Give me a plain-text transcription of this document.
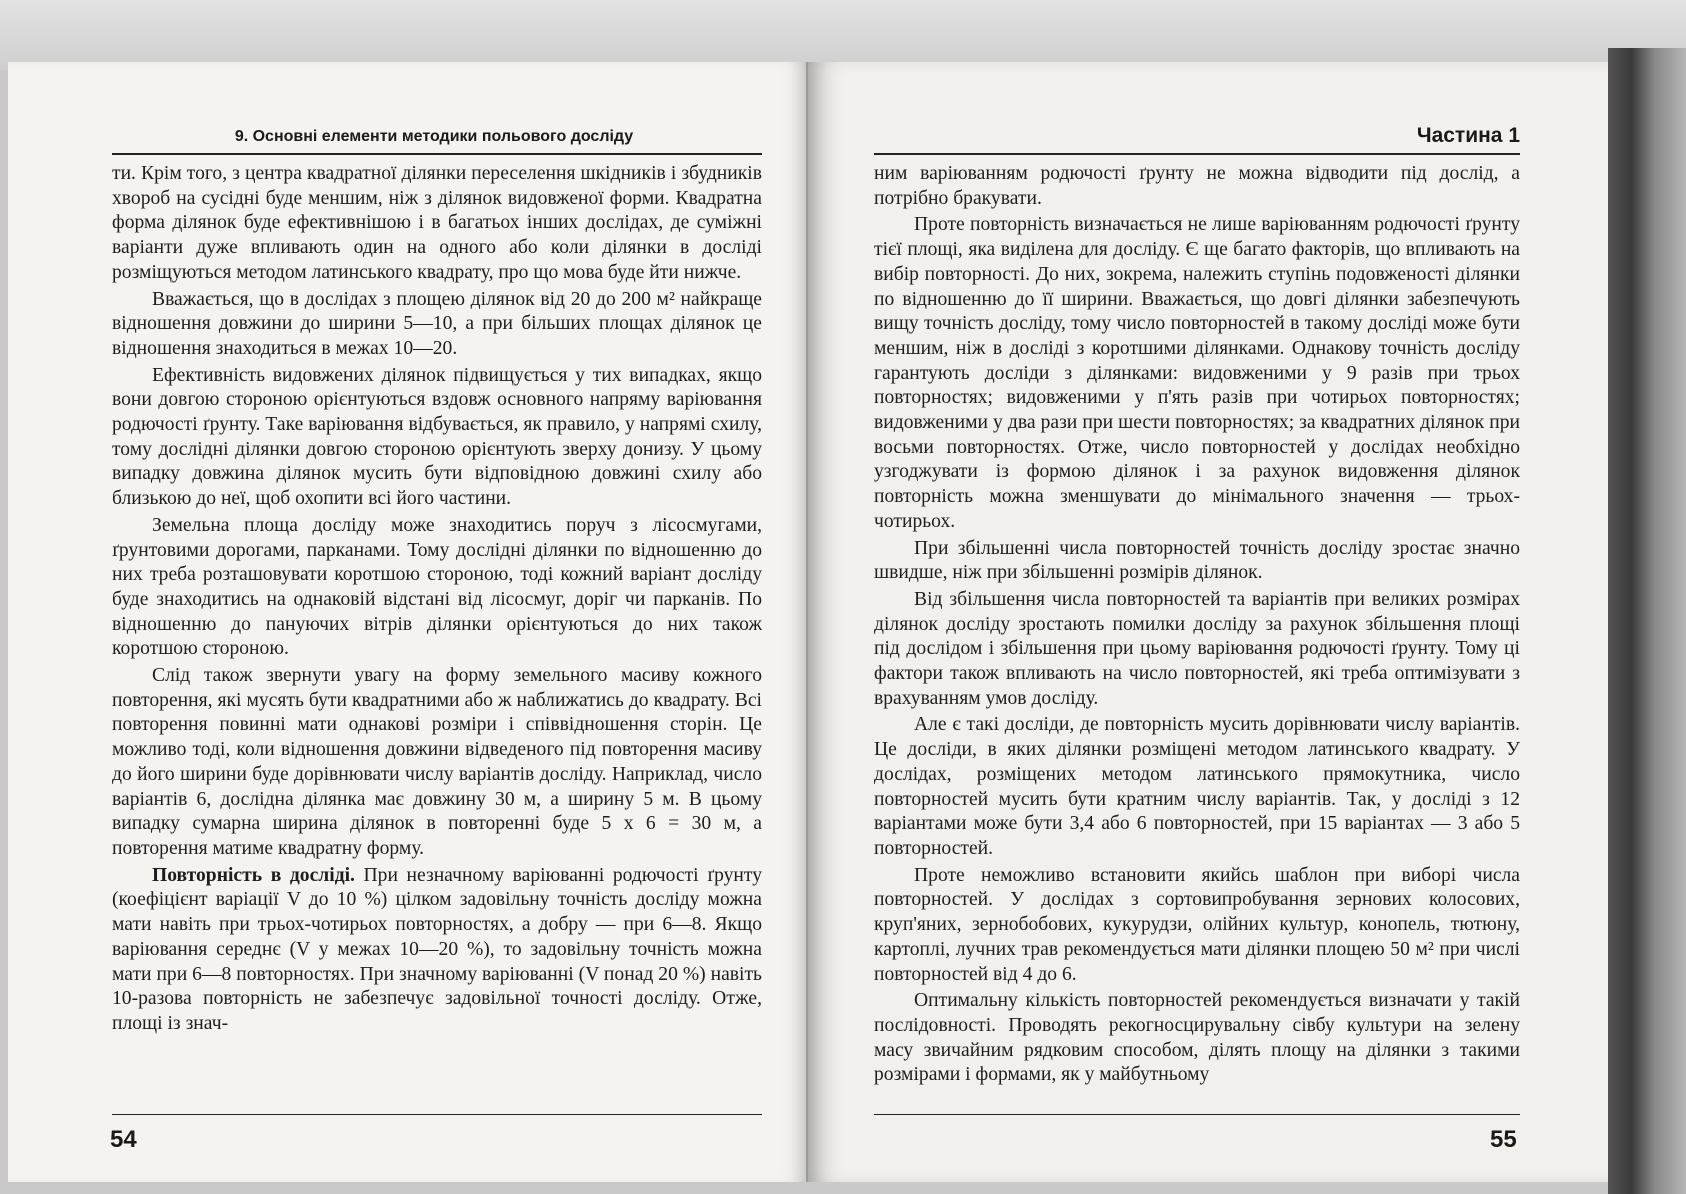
9. Основні елементи методики польового досліду

ти. Крім того, з центра квадратної ділянки переселення шкідників і збудників хвороб на сусідні буде меншим, ніж з ділянок видовженої форми. Квадратна форма ділянок буде ефективнішою і в багатьох інших дослідах, де суміжні варіанти дуже впливають один на одного або коли ділянки в досліді розміщуються методом латинського квадрату, про що мова буде йти нижче.

Вважається, що в дослідах з площею ділянок від 20 до 200 м² найкраще відношення довжини до ширини 5—10, а при більших площах ділянок це відношення знаходиться в межах 10—20.

Ефективність видовжених ділянок підвищується у тих випадках, якщо вони довгою стороною орієнтуються вздовж основного напряму варіювання родючості ґрунту. Таке варіювання відбувається, як правило, у напрямі схилу, тому дослідні ділянки довгою стороною орієнтують зверху донизу. У цьому випадку довжина ділянок мусить бути відповідною довжині схилу або близькою до неї, щоб охопити всі його частини.

Земельна площа досліду може знаходитись поруч з лісосмугами, ґрунтовими дорогами, парканами. Тому дослідні ділянки по відношенню до них треба розташовувати коротшою стороною, тоді кожний варіант досліду буде знаходитись на однаковій відстані від лісосмуг, доріг чи парканів. По відношенню до пануючих вітрів ділянки орієнтуються до них також коротшою стороною.

Слід також звернути увагу на форму земельного масиву кожного повторення, які мусять бути квадратними або ж наближатись до квадрату. Всі повторення повинні мати однакові розміри і співвідношення сторін. Це можливо тоді, коли відношення довжини відведеного під повторення масиву до його ширини буде дорівнювати числу варіантів досліду. Наприклад, число варіантів 6, дослідна ділянка має довжину 30 м, а ширину 5 м. В цьому випадку сумарна ширина ділянок в повторенні буде 5 x 6 = 30 м, а повторення матиме квадратну форму.

Повторність в досліді. При незначному варіюванні родючості ґрунту (коефіцієнт варіації V до 10 %) цілком задовільну точність досліду можна мати навіть при трьох-чотирьох повторностях, а добру — при 6—8. Якщо варіювання середнє (V у межах 10—20 %), то задовільну точність можна мати при 6—8 повторностях. При значному варіюванні (V понад 20 %) навіть 10-разова повторність не забезпечує задовільної точності досліду. Отже, площі із знач-

54
Частина 1

ним варіюванням родючості ґрунту не можна відводити під дослід, а потрібно бракувати.

Проте повторність визначається не лише варіюванням родючості ґрунту тієї площі, яка виділена для досліду. Є ще багато факторів, що впливають на вибір повторності. До них, зокрема, належить ступінь подовженості ділянки по відношенню до її ширини. Вважається, що довгі ділянки забезпечують вищу точність досліду, тому число повторностей в такому досліді може бути меншим, ніж в досліді з коротшими ділянками. Однакову точність досліду гарантують досліди з ділянками: видовженими у 9 разів при трьох повторностях; видовженими у п'ять разів при чотирьох повторностях; видовженими у два рази при шести повторностях; за квадратних ділянок при восьми повторностях. Отже, число повторностей у дослідах необхідно узгоджувати із формою ділянок і за рахунок видовження ділянок повторність можна зменшувати до мінімального значення — трьох-чотирьох.

При збільшенні числа повторностей точність досліду зростає значно швидше, ніж при збільшенні розмірів ділянок.

Від збільшення числа повторностей та варіантів при великих розмірах ділянок досліду зростають помилки досліду за рахунок збільшення площі під дослідом і збільшення при цьому варіювання родючості ґрунту. Тому ці фактори також впливають на число повторностей, які треба оптимізувати з врахуванням умов досліду.

Але є такі досліди, де повторність мусить дорівнювати числу варіантів. Це досліди, в яких ділянки розміщені методом латинського квадрату. У дослідах, розміщених методом латинського прямокутника, число повторностей мусить бути кратним числу варіантів. Так, у досліді з 12 варіантами може бути 3,4 або 6 повторностей, при 15 варіантах — 3 або 5 повторностей.

Проте неможливо встановити якийсь шаблон при виборі числа повторностей. У дослідах з сортовипробування зернових колосових, круп'яних, зернобобових, кукурудзи, олійних культур, конопель, тютюну, картоплі, лучних трав рекомендується мати ділянки площею 50 м² при числі повторностей від 4 до 6.

Оптимальну кількість повторностей рекомендується визначати у такій послідовності. Проводять рекогносцирувальну сівбу культури на зелену масу звичайним рядковим способом, ділять площу на ділянки з такими розмірами і формами, як у майбутньому

55
